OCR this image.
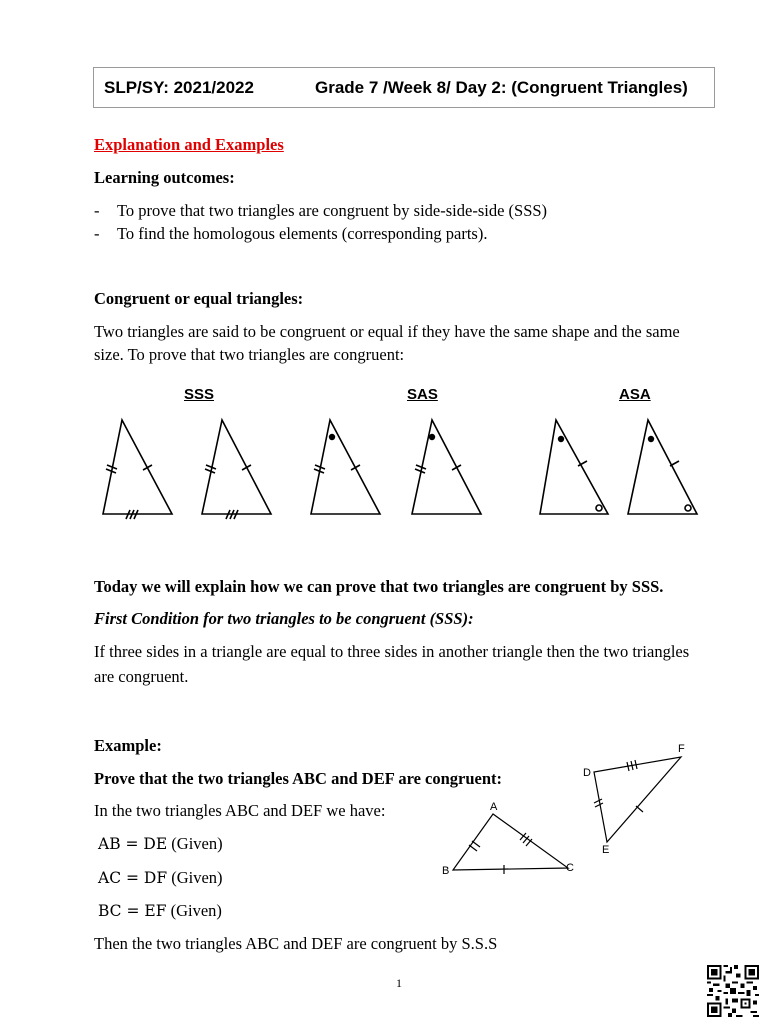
SLP/SY: 2021/2022	Grade 7 /Week 8/ Day 2: (Congruent Triangles)
Explanation and Examples
Learning outcomes:
- To prove that two triangles are congruent by side-side-side (SSS)
- To find the homologous elements (corresponding parts).
Congruent or equal triangles:
Two triangles are said to be congruent or equal if they have the same shape and the same
size. To prove that two triangles are congruent:
SSS	SAS	ASA
A
B	C
D
E
F
Today we will explain how we can prove that two triangles are congruent by SSS.
First Condition for two triangles to be congruent (SSS):
If three sides in a triangle are equal to three sides in another triangle then the two triangles
are congruent.
Example:
Prove that the two triangles ABC and DEF are congruent:
In the two triangles ABC and DEF we have:
AB = DE (Given)
AC = DF (Given)
BC = EF (Given)
Then the two triangles ABC and DEF are congruent by S.S.S
1
